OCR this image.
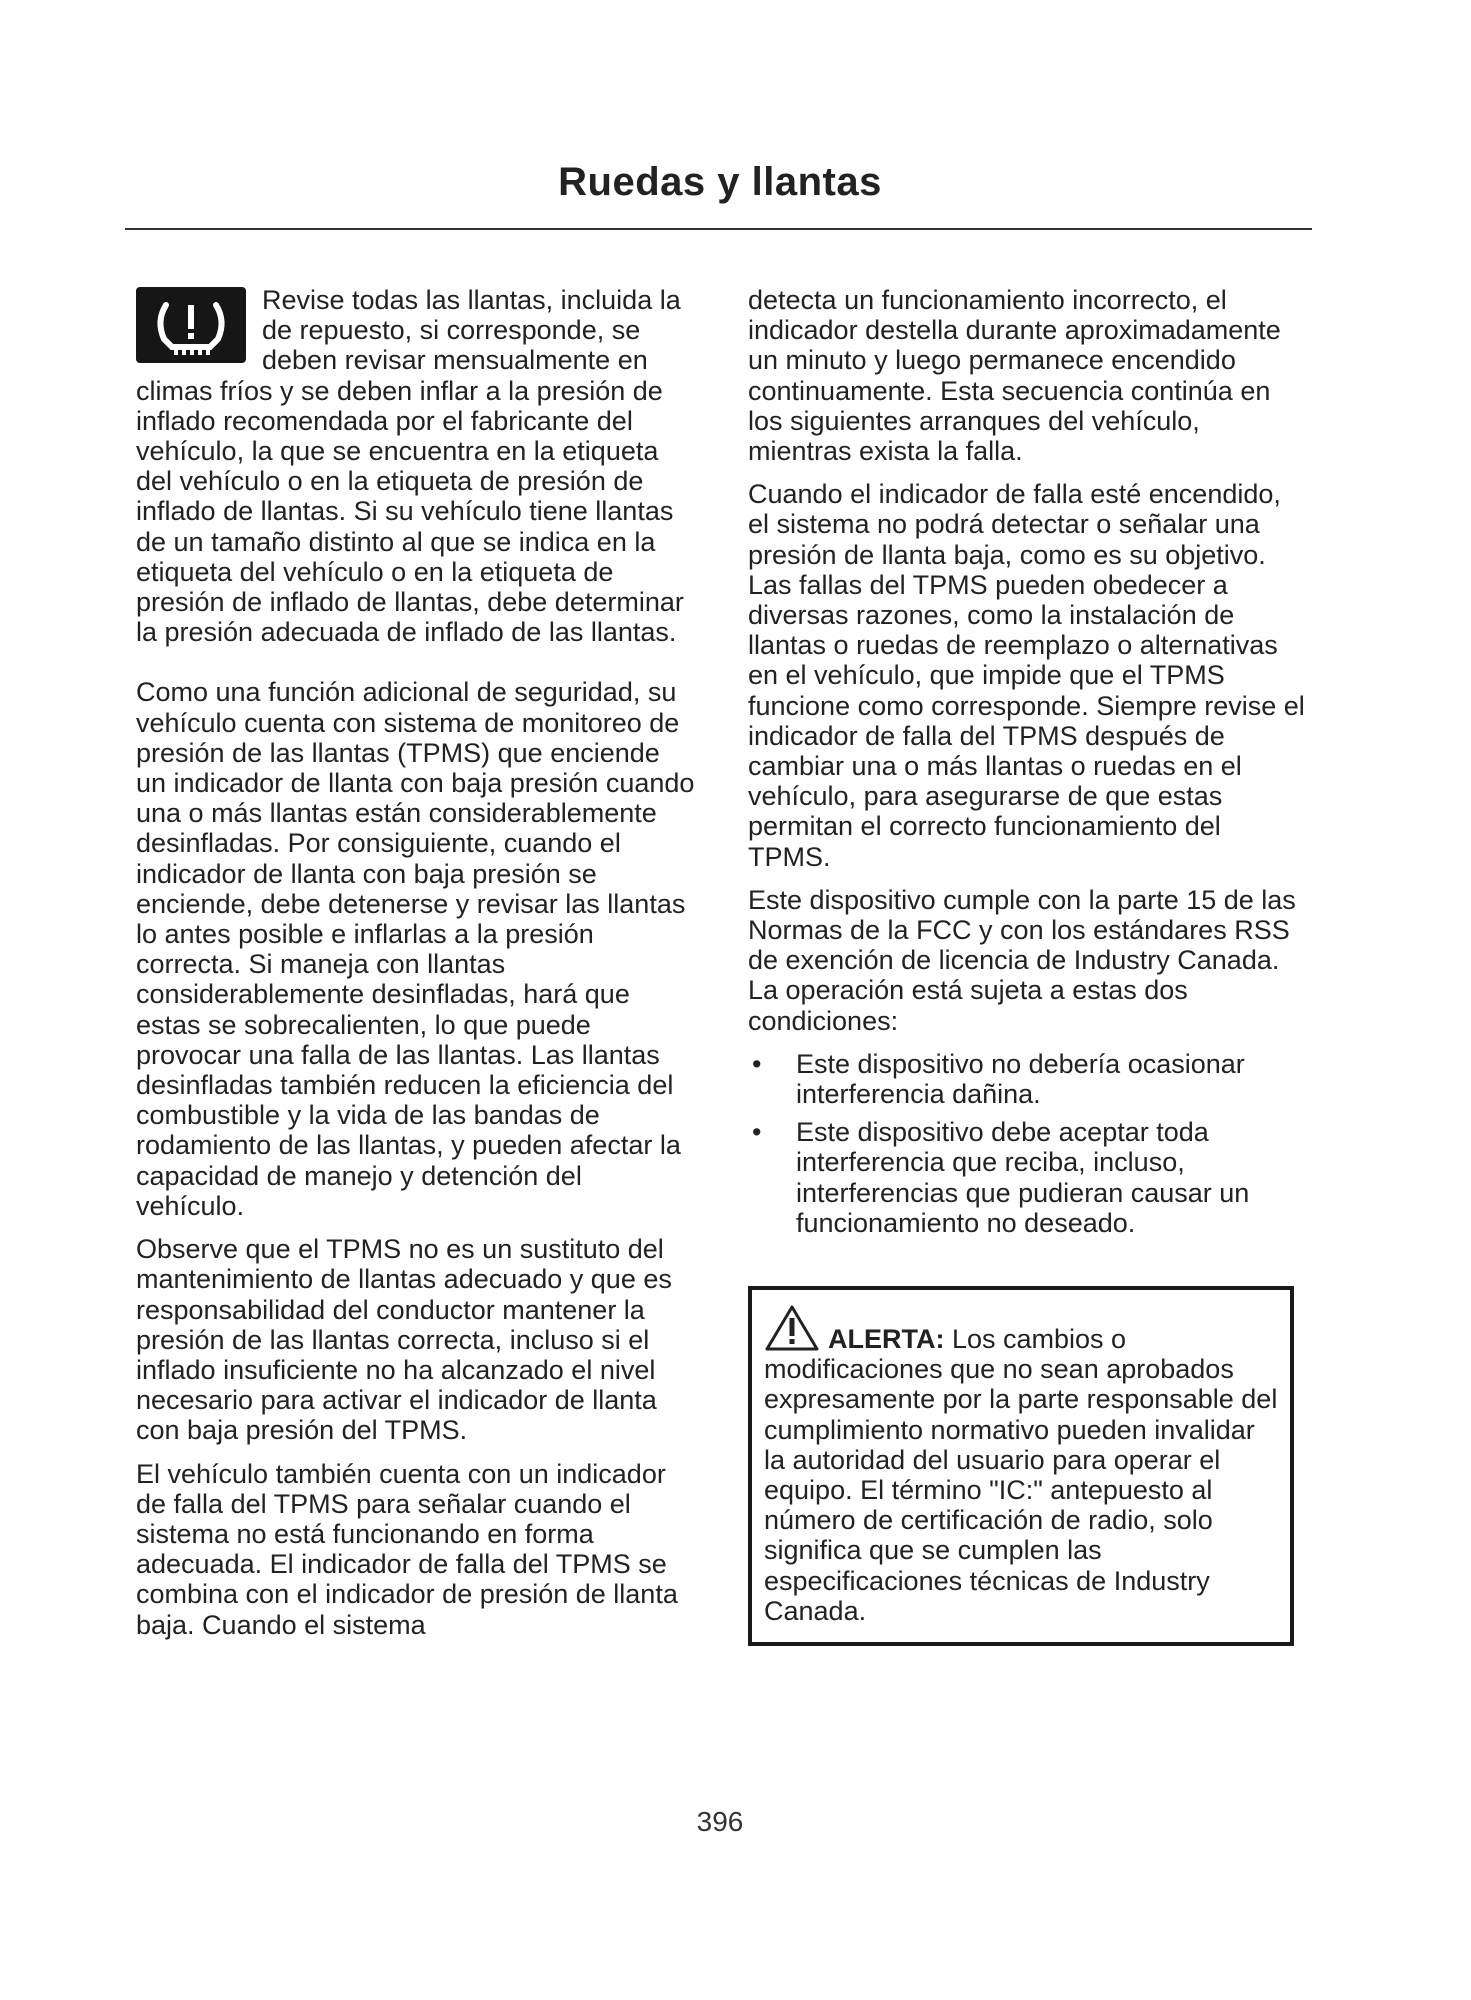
Ruedas y llantas

Revise todas las llantas, incluida la de repuesto, si corresponde, se deben revisar mensualmente en climas fríos y se deben inflar a la presión de inflado recomendada por el fabricante del vehículo, la que se encuentra en la etiqueta del vehículo o en la etiqueta de presión de inflado de llantas. Si su vehículo tiene llantas de un tamaño distinto al que se indica en la etiqueta del vehículo o en la etiqueta de presión de inflado de llantas, debe determinar la presión adecuada de inflado de las llantas.

Como una función adicional de seguridad, su vehículo cuenta con sistema de monitoreo de presión de las llantas (TPMS) que enciende un indicador de llanta con baja presión cuando una o más llantas están considerablemente desinfladas. Por consiguiente, cuando el indicador de llanta con baja presión se enciende, debe detenerse y revisar las llantas lo antes posible e inflarlas a la presión correcta. Si maneja con llantas considerablemente desinfladas, hará que estas se sobrecalienten, lo que puede provocar una falla de las llantas. Las llantas desinfladas también reducen la eficiencia del combustible y la vida de las bandas de rodamiento de las llantas, y pueden afectar la capacidad de manejo y detención del vehículo.

Observe que el TPMS no es un sustituto del mantenimiento de llantas adecuado y que es responsabilidad del conductor mantener la presión de las llantas correcta, incluso si el inflado insuficiente no ha alcanzado el nivel necesario para activar el indicador de llanta con baja presión del TPMS.

El vehículo también cuenta con un indicador de falla del TPMS para señalar cuando el sistema no está funcionando en forma adecuada. El indicador de falla del TPMS se combina con el indicador de presión de llanta baja. Cuando el sistema

detecta un funcionamiento incorrecto, el indicador destella durante aproximadamente un minuto y luego permanece encendido continuamente. Esta secuencia continúa en los siguientes arranques del vehículo, mientras exista la falla.

Cuando el indicador de falla esté encendido, el sistema no podrá detectar o señalar una presión de llanta baja, como es su objetivo. Las fallas del TPMS pueden obedecer a diversas razones, como la instalación de llantas o ruedas de reemplazo o alternativas en el vehículo, que impide que el TPMS funcione como corresponde. Siempre revise el indicador de falla del TPMS después de cambiar una o más llantas o ruedas en el vehículo, para asegurarse de que estas permitan el correcto funcionamiento del TPMS.

Este dispositivo cumple con la parte 15 de las Normas de la FCC y con los estándares RSS de exención de licencia de Industry Canada. La operación está sujeta a estas dos condiciones:

• Este dispositivo no debería ocasionar interferencia dañina.
• Este dispositivo debe aceptar toda interferencia que reciba, incluso, interferencias que pudieran causar un funcionamiento no deseado.
ALERTA: Los cambios o modificaciones que no sean aprobados expresamente por la parte responsable del cumplimiento normativo pueden invalidar la autoridad del usuario para operar el equipo. El término "IC:" antepuesto al número de certificación de radio, solo significa que se cumplen las especificaciones técnicas de Industry Canada.
396
